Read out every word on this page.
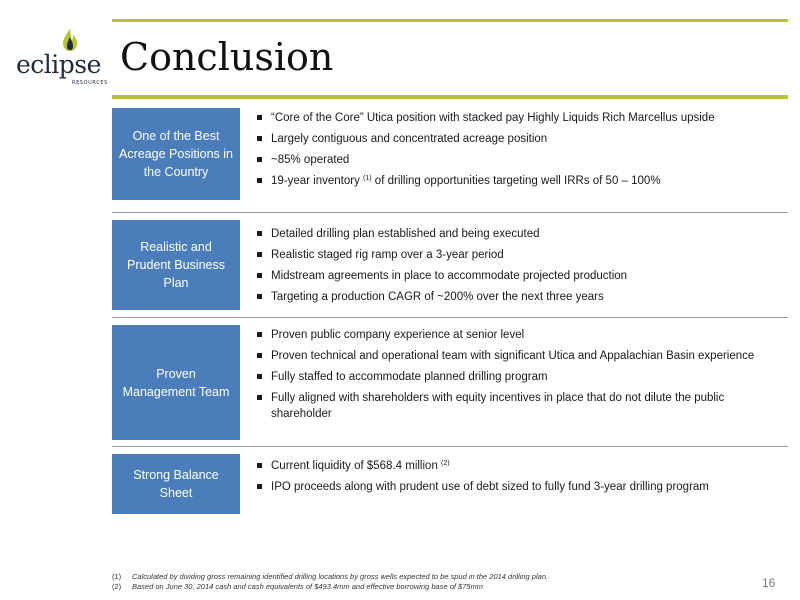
eclipse
RESOURCES
Conclusion
One of the Best Acreage Positions in the Country
“Core of the Core” Utica position with stacked pay Highly Liquids Rich Marcellus upside
Largely contiguous and concentrated acreage position
~85% operated
19-year inventory $^{(1)}$ of drilling opportunities targeting well IRRs of 50 – 100%
Realistic and Prudent Business Plan
Detailed drilling plan established and being executed
Realistic staged rig ramp over a 3-year period
Midstream agreements in place to accommodate projected production
Targeting a production CAGR of ~200% over the next three years
Proven Management Team
Proven public company experience at senior level
Proven technical and operational team with significant Utica and Appalachian Basin experience
Fully staffed to accommodate planned drilling program
Fully aligned with shareholders with equity incentives in place that do not dilute the public shareholder
Strong Balance Sheet
Current liquidity of $568.4 million $^{(2)}$
IPO proceeds along with prudent use of debt sized to fully fund 3-year drilling program
(1)	Calculated by dividing gross remaining identified drilling locations by gross wells expected to be spud in the 2014 drilling plan.
(2)	Based on June 30, 2014 cash and cash equivalents of $493.4mm and effective borrowing base of $75mm	16
